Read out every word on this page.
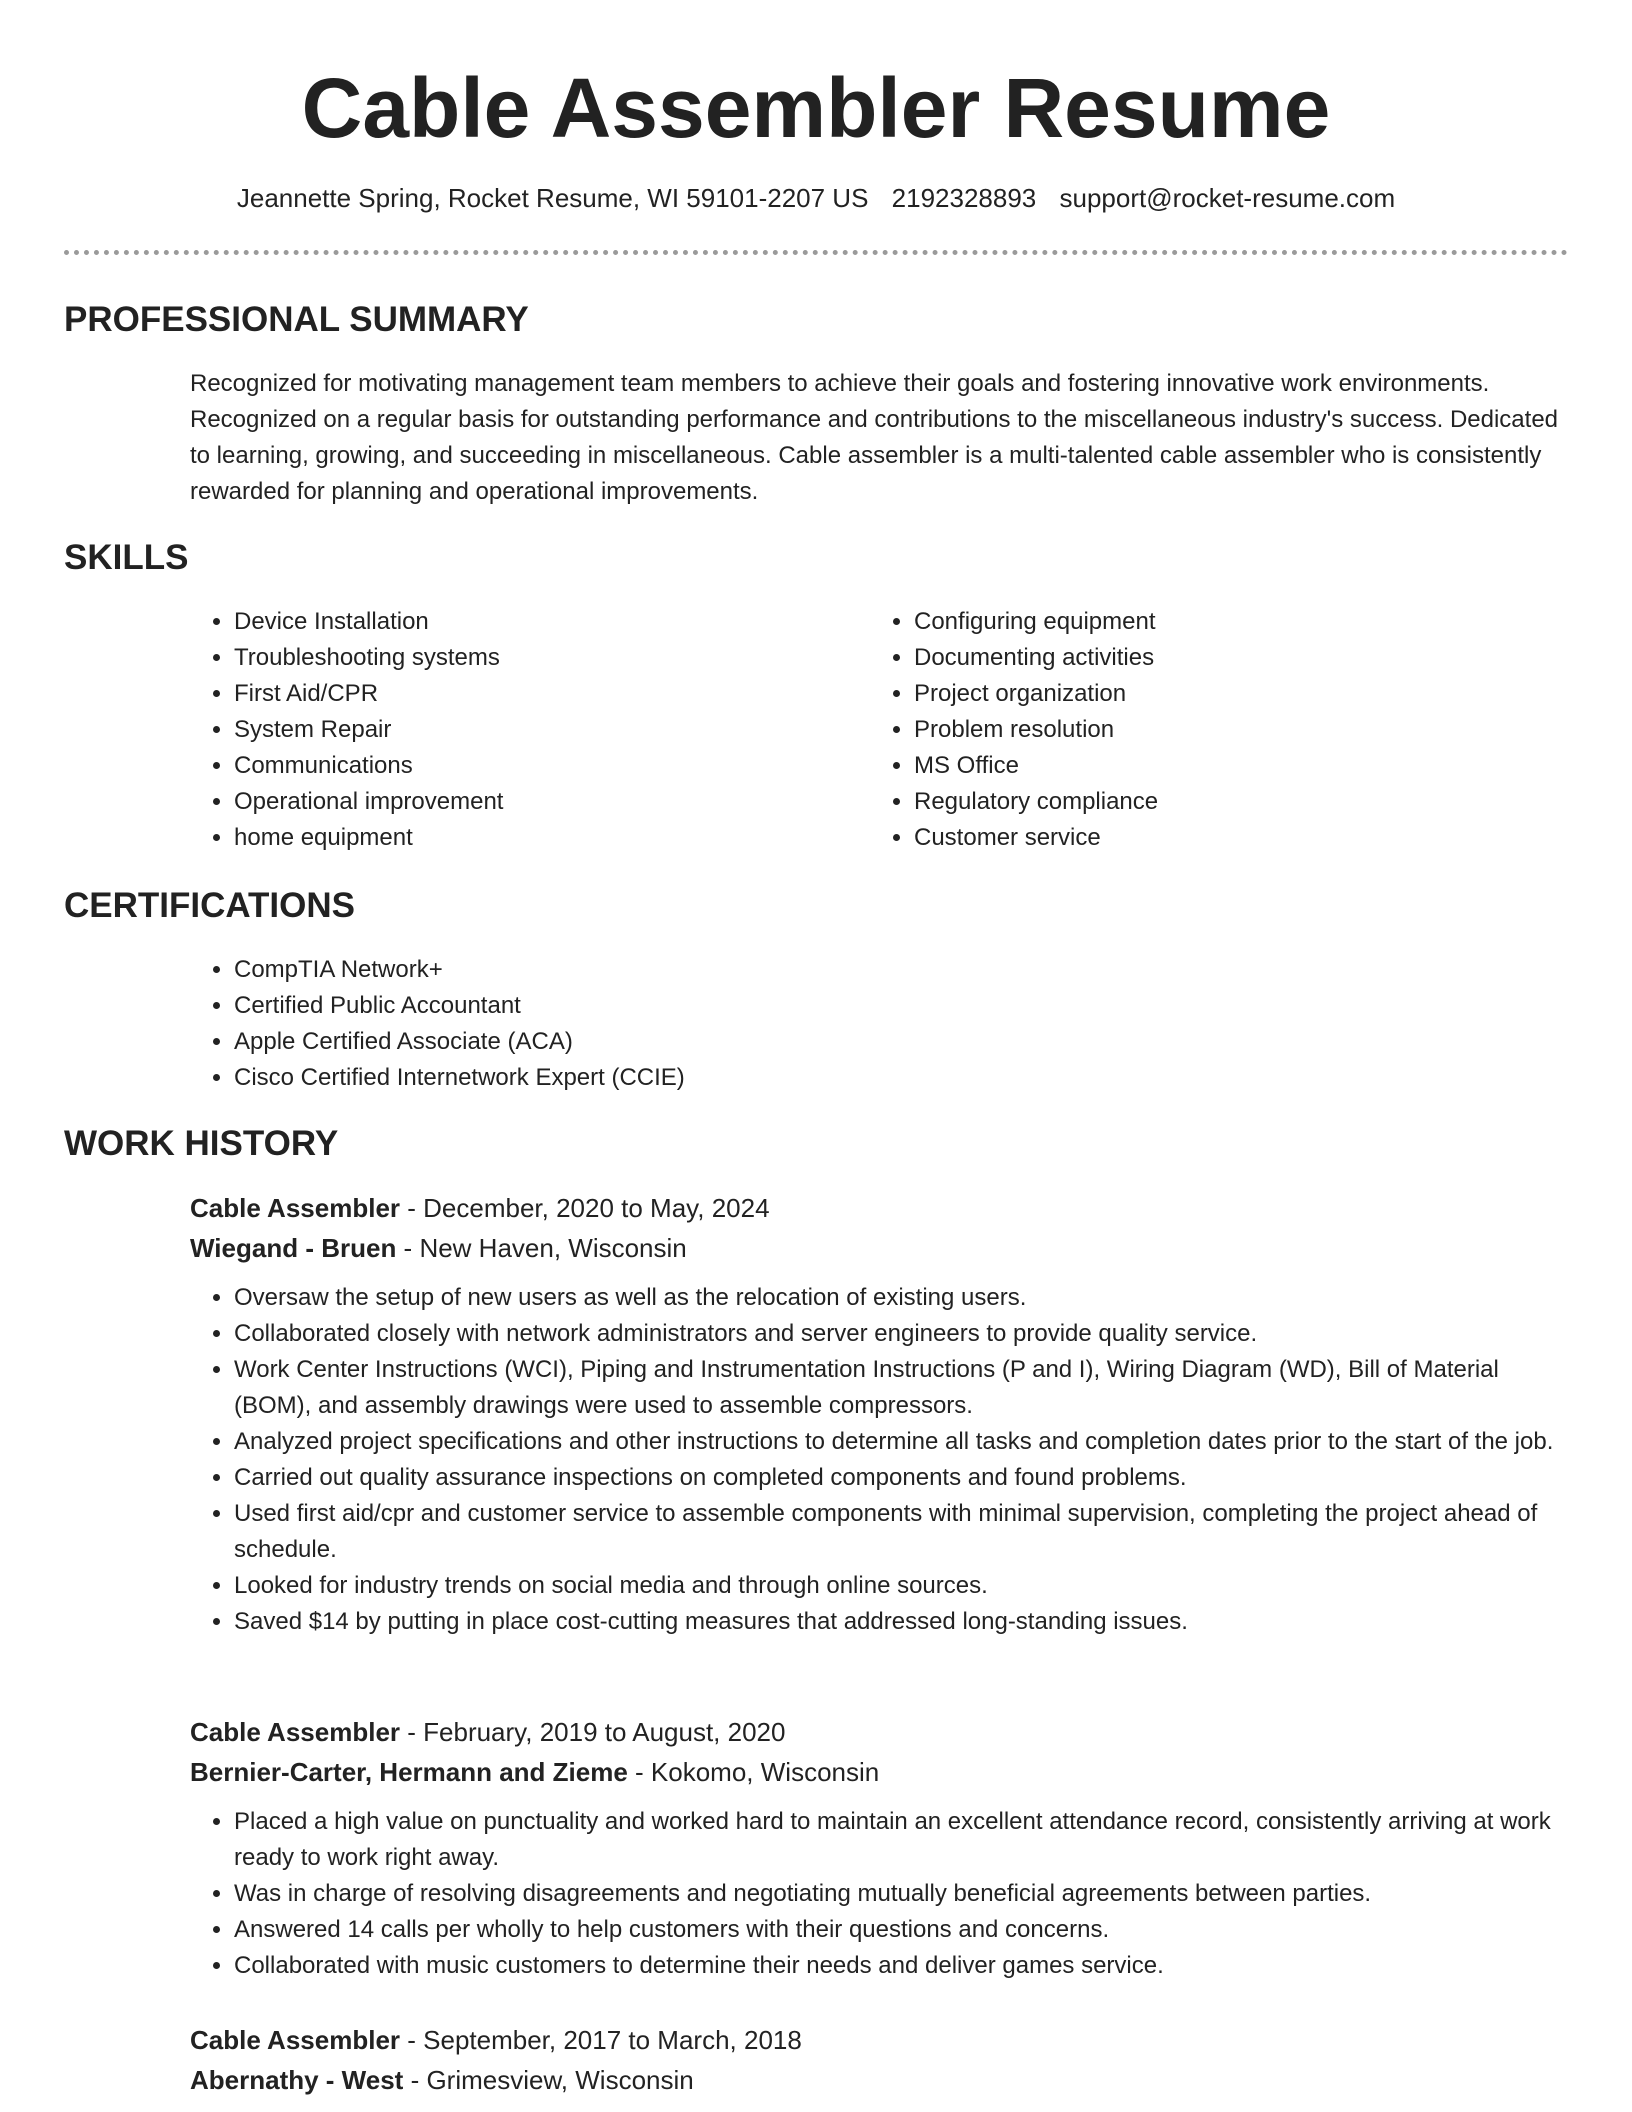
Cable Assembler Resume
Jeannette Spring, Rocket Resume, WI 59101-2207 US 2192328893 support@rocket-resume.com
PROFESSIONAL SUMMARY

Recognized for motivating management team members to achieve their goals and fostering innovative work environments. Recognized on a regular basis for outstanding performance and contributions to the miscellaneous industry's success. Dedicated to learning, growing, and succeeding in miscellaneous. Cable assembler is a multi-talented cable assembler who is consistently rewarded for planning and operational improvements.

SKILLS
• Device Installation
• Troubleshooting systems
• First Aid/CPR
• System Repair
• Communications
• Operational improvement
• home equipment
• Configuring equipment
• Documenting activities
• Project organization
• Problem resolution
• MS Office
• Regulatory compliance
• Customer service
CERTIFICATIONS
• CompTIA Network+
• Certified Public Accountant
• Apple Certified Associate (ACA)
• Cisco Certified Internetwork Expert (CCIE)
WORK HISTORY
Cable Assembler - December, 2020 to May, 2024
Wiegand - Bruen - New Haven, Wisconsin
• Oversaw the setup of new users as well as the relocation of existing users.
• Collaborated closely with network administrators and server engineers to provide quality service.
• Work Center Instructions (WCI), Piping and Instrumentation Instructions (P and I), Wiring Diagram (WD), Bill of Material (BOM), and assembly drawings were used to assemble compressors.
• Analyzed project specifications and other instructions to determine all tasks and completion dates prior to the start of the job.
• Carried out quality assurance inspections on completed components and found problems.
• Used first aid/cpr and customer service to assemble components with minimal supervision, completing the project ahead of schedule.
• Looked for industry trends on social media and through online sources.
• Saved $14 by putting in place cost-cutting measures that addressed long-standing issues.
Cable Assembler - February, 2019 to August, 2020
Bernier-Carter, Hermann and Zieme - Kokomo, Wisconsin
• Placed a high value on punctuality and worked hard to maintain an excellent attendance record, consistently arriving at work ready to work right away.
• Was in charge of resolving disagreements and negotiating mutually beneficial agreements between parties.
• Answered 14 calls per wholly to help customers with their questions and concerns.
• Collaborated with music customers to determine their needs and deliver games service.
Cable Assembler - September, 2017 to March, 2018
Abernathy - West - Grimesview, Wisconsin
